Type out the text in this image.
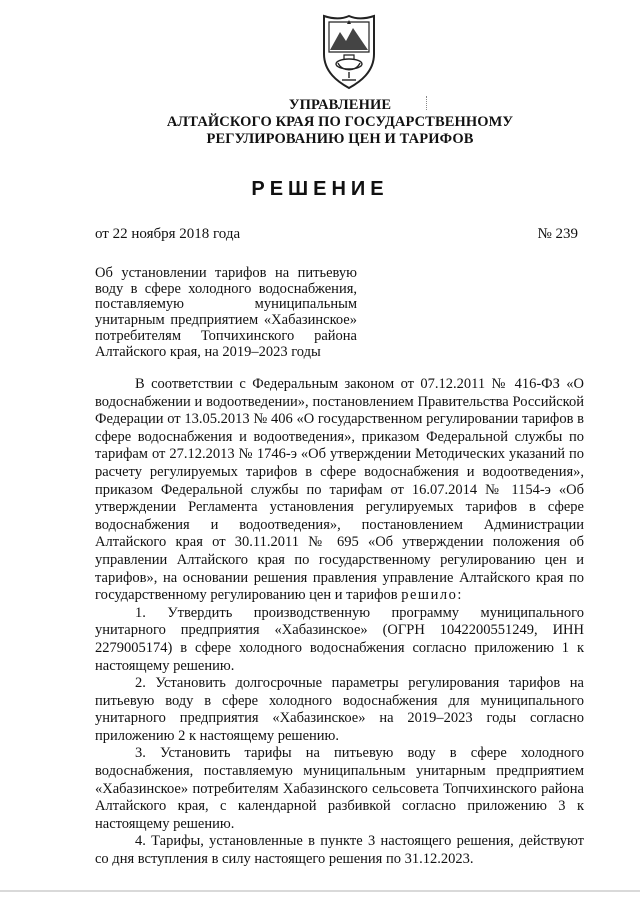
УПРАВЛЕНИЕ
АЛТАЙСКОГО КРАЯ ПО ГОСУДАРСТВЕННОМУ
РЕГУЛИРОВАНИЮ ЦЕН И ТАРИФОВ
РЕШЕНИЕ
от 22 ноября 2018 года	№ 239
Об установлении тарифов на питьевую воду в сфере холодного водоснабжения, поставляемую муниципальным унитарным предприятием «Хабазинское» потребителям Топчихинского района Алтайского края, на 2019–2023 годы

В соответствии с Федеральным законом от 07.12.2011 № 416-ФЗ «О водоснабжении и водоотведении», постановлением Правительства Российской Федерации от 13.05.2013 № 406 «О государственном регулировании тарифов в сфере водоснабжения и водоотведения», приказом Федеральной службы по тарифам от 27.12.2013 № 1746-э «Об утверждении Методических указаний по расчету регулируемых тарифов в сфере водоснабжения и водоотведения», приказом Федеральной службы по тарифам от 16.07.2014 № 1154-э «Об утверждении Регламента установления регулируемых тарифов в сфере водоснабжения и водоотведения», постановлением Администрации Алтайского края от 30.11.2011 № 695 «Об утверждении положения об управлении Алтайского края по государственному регулированию цен и тарифов», на основании решения правления управление Алтайского края по государственному регулированию цен и тарифов решило:

1. Утвердить производственную программу муниципального унитарного предприятия «Хабазинское» (ОГРН 1042200551249, ИНН 2279005174) в сфере холодного водоснабжения согласно приложению 1 к настоящему решению.

2. Установить долгосрочные параметры регулирования тарифов на питьевую воду в сфере холодного водоснабжения для муниципального унитарного предприятия «Хабазинское» на 2019–2023 годы согласно приложению 2 к настоящему решению.

3. Установить тарифы на питьевую воду в сфере холодного водоснабжения, поставляемую муниципальным унитарным предприятием «Хабазинское» потребителям Хабазинского сельсовета Топчихинского района Алтайского края, с календарной разбивкой согласно приложению 3 к настоящему решению.

4. Тарифы, установленные в пункте 3 настоящего решения, действуют со дня вступления в силу настоящего решения по 31.12.2023.
